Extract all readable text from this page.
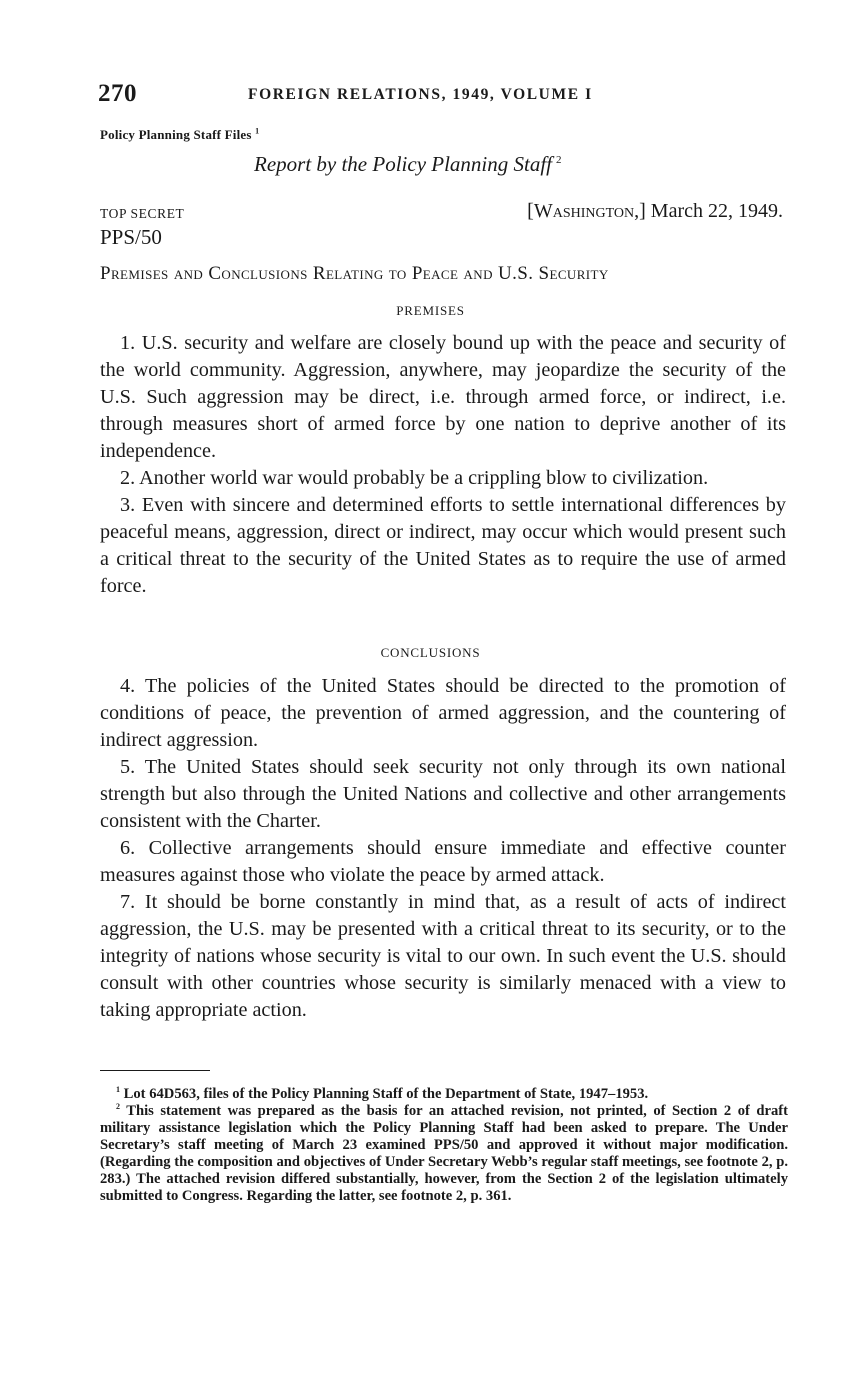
270	FOREIGN RELATIONS, 1949, VOLUME I
Policy Planning Staff Files $^1$
Report by the Policy Planning Staff $^2$
TOP SECRET	[Washington,] March 22, 1949.
PPS/50
Premises and Conclusions Relating to Peace and U.S. Security
PREMISES

1. U.S. security and welfare are closely bound up with the peace and security of the world community. Aggression, anywhere, may jeopardize the security of the U.S. Such aggression may be direct, i.e. through armed force, or indirect, i.e. through measures short of armed force by one nation to deprive another of its independence.

2. Another world war would probably be a crippling blow to civilization.

3. Even with sincere and determined efforts to settle international differences by peaceful means, aggression, direct or indirect, may occur which would present such a critical threat to the security of the United States as to require the use of armed force.

CONCLUSIONS

4. The policies of the United States should be directed to the promotion of conditions of peace, the prevention of armed aggression, and the countering of indirect aggression.

5. The United States should seek security not only through its own national strength but also through the United Nations and collective and other arrangements consistent with the Charter.

6. Collective arrangements should ensure immediate and effective counter measures against those who violate the peace by armed attack.

7. It should be borne constantly in mind that, as a result of acts of indirect aggression, the U.S. may be presented with a critical threat to its security, or to the integrity of nations whose security is vital to our own. In such event the U.S. should consult with other countries whose security is similarly menaced with a view to taking appropriate action.

$^1$ Lot 64D563, files of the Policy Planning Staff of the Department of State, 1947–1953.

$^2$ This statement was prepared as the basis for an attached revision, not printed, of Section 2 of draft military assistance legislation which the Policy Planning Staff had been asked to prepare. The Under Secretary’s staff meeting of March 23 examined PPS/50 and approved it without major modification. (Regarding the composition and objectives of Under Secretary Webb’s regular staff meetings, see footnote 2, p. 283.) The attached revision differed substantially, however, from the Section 2 of the legislation ultimately submitted to Congress. Regarding the latter, see footnote 2, p. 361.
